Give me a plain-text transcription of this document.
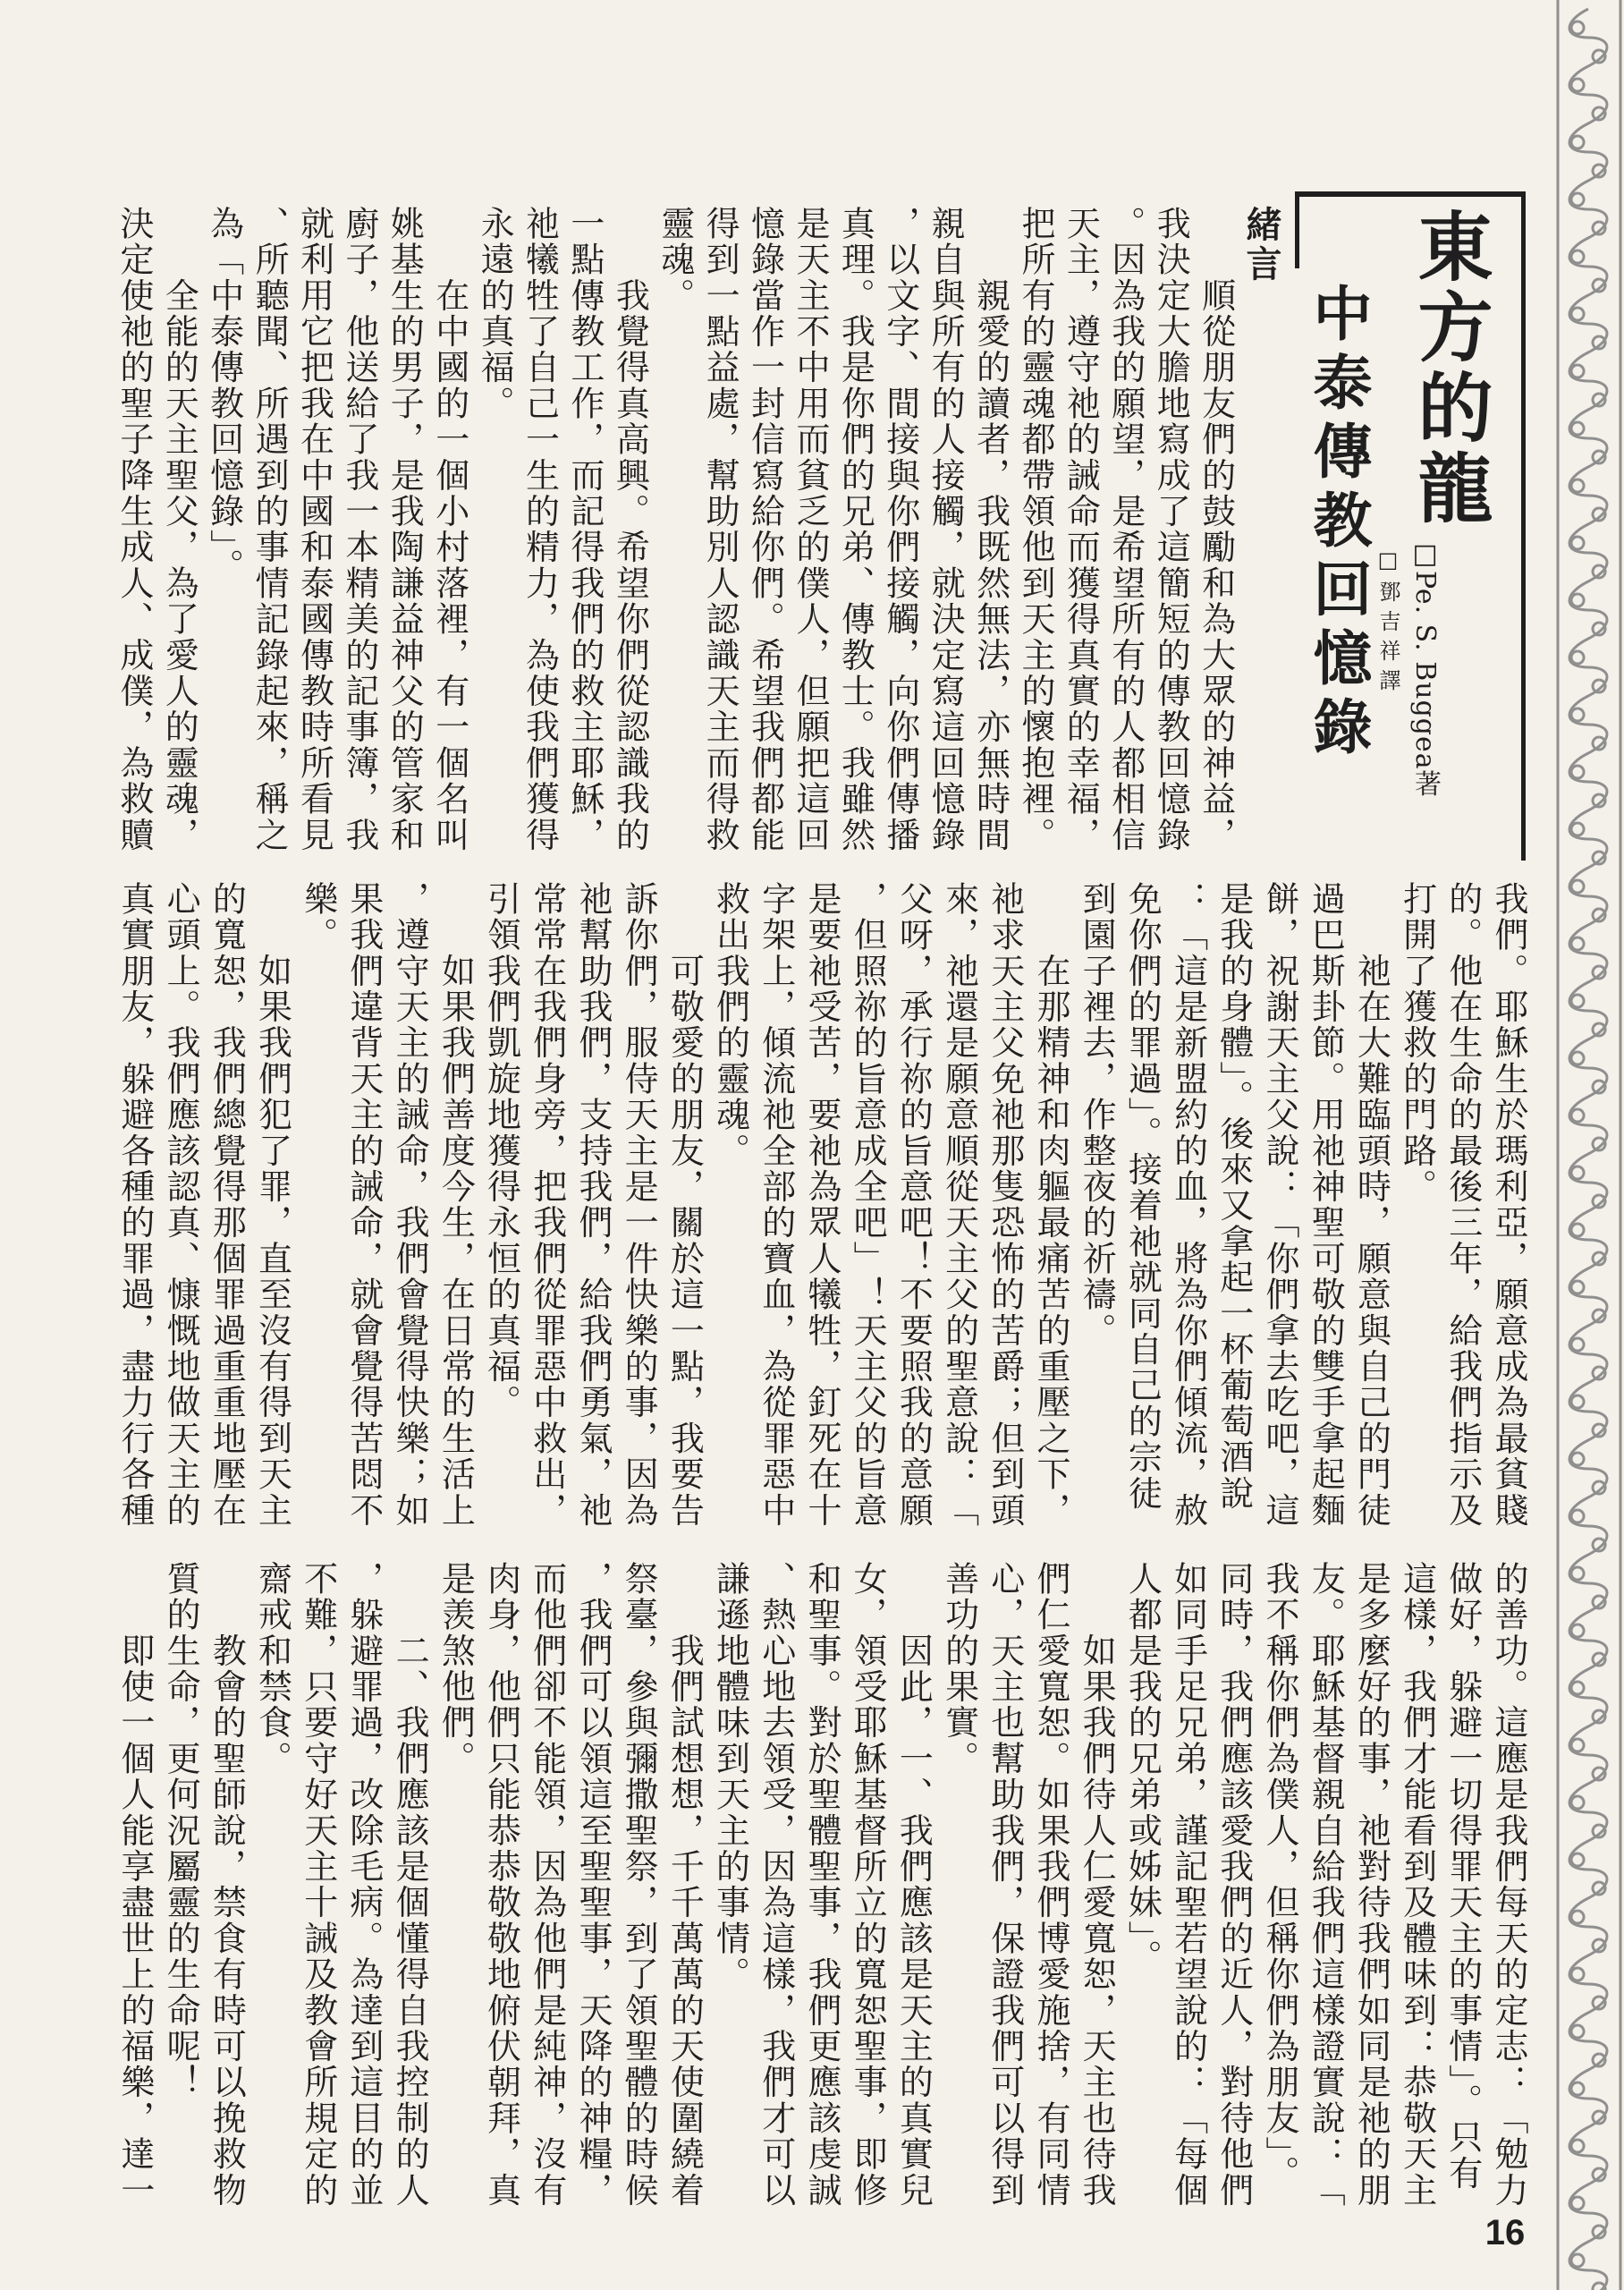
東方的龍
中泰傳教回憶錄 □Pe. S. Buggea著
□鄧吉祥譯
緒言
　　順從朋友們的鼓勵和為大眾的神益，
我決定大膽地寫成了這簡短的傳教回憶錄
。因為我的願望，是希望所有的人都相信
天主，遵守祂的誡命而獲得真實的幸福，
把所有的靈魂都帶領他到天主的懷抱裡。
　　親愛的讀者，我既然無法，亦無時間
親自與所有的人接觸，就決定寫這回憶錄
，以文字、間接與你們接觸，向你們傳播
真理。我是你們的兄弟、傳教士。我雖然
是天主不中用而貧乏的僕人，但願把這回
憶錄當作一封信寫給你們。希望我們都能
得到一點益處，幫助別人認識天主而得救
靈魂。
　　我覺得真高興。希望你們從認識我的
一點傳教工作，而記得我們的救主耶穌，
祂犧牲了自己一生的精力，為使我們獲得
永遠的真福。
　　在中國的一個小村落裡，有一個名叫
姚基生的男子，是我陶謙益神父的管家和
廚子，他送給了我一本精美的記事簿，我
就利用它把我在中國和泰國傳教時所看見
、所聽聞、所遇到的事情記錄起來，稱之
為「中泰傳教回憶錄」。
　　全能的天主聖父，為了愛人的靈魂，
決定使祂的聖子降生成人、成僕，為救贖
我們。耶穌生於瑪利亞，願意成為最貧賤
的。他在生命的最後三年，給我們指示及
打開了獲救的門路。
　　祂在大難臨頭時，願意與自己的門徒
過巴斯卦節。用祂神聖可敬的雙手拿起麵
餅，祝謝天主父說：「你們拿去吃吧，這
是我的身體」。後來又拿起一杯葡萄酒說
：「這是新盟約的血，將為你們傾流，赦
免你們的罪過」。接着祂就同自己的宗徒
到園子裡去，作整夜的祈禱。
　　在那精神和肉軀最痛苦的重壓之下，
祂求天主父免祂那隻恐怖的苦爵；但到頭
來，祂還是願意順從天主父的聖意說：「
父呀，承行祢的旨意吧！不要照我的意願
，但照祢的旨意成全吧」！天主父的旨意
是要祂受苦，要祂為眾人犧牲，釘死在十
字架上，傾流祂全部的寶血，為從罪惡中
救出我們的靈魂。
　　可敬愛的朋友，關於這一點，我要告
訴你們，服侍天主是一件快樂的事，因為
祂幫助我們，支持我們，給我們勇氣，祂
常常在我們身旁，把我們從罪惡中救出，
引領我們凱旋地獲得永恒的真福。
　　如果我們善度今生，在日常的生活上
，遵守天主的誡命，我們會覺得快樂；如
果我們違背天主的誡命，就會覺得苦悶不
樂。
　　如果我們犯了罪，直至沒有得到天主
的寬恕，我們總覺得那個罪過重重地壓在
心頭上。我們應該認真、慷慨地做天主的
真實朋友，躲避各種的罪過，盡力行各種
的善功。這應是我們每天的定志：「勉力
做好，躲避一切得罪天主的事情」。只有
這樣，我們才能看到及體味到：恭敬天主
是多麼好的事，祂對待我們如同是祂的朋
友。耶穌基督親自給我們這樣證實說：「
我不稱你們為僕人，但稱你們為朋友」。
同時，我們應該愛我們的近人，對待他們
如同手足兄弟，謹記聖若望說的：「每個
人都是我的兄弟或姊妹」。
　　如果我們待人仁愛寬恕，天主也待我
們仁愛寬恕。如果我們博愛施捨，有同情
心，天主也幫助我們，保證我們可以得到
善功的果實。
　　因此，一、我們應該是天主的真實兒
女，領受耶穌基督所立的寬恕聖事，即修
和聖事。對於聖體聖事，我們更應該虔誠
、熱心地去領受，因為這樣，我們才可以
謙遜地體味到天主的事情。
　　我們試想想，千千萬萬的天使圍繞着
祭臺，參與彌撒聖祭，到了領聖體的時候
，我們可以領這至聖聖事，天降的神糧，
而他們卻不能領，因為他們是純神，沒有
肉身，他們只能恭恭敬敬地俯伏朝拜，真
是羡煞他們。
　　二、我們應該是個懂得自我控制的人
，躲避罪過，改除毛病。為達到這目的並
不難，只要守好天主十誡及教會所規定的
齋戒和禁食。
　　教會的聖師說，禁食有時可以挽救物
質的生命，更何況屬靈的生命呢！
　　即使一個人能享盡世上的福樂，達一
16
